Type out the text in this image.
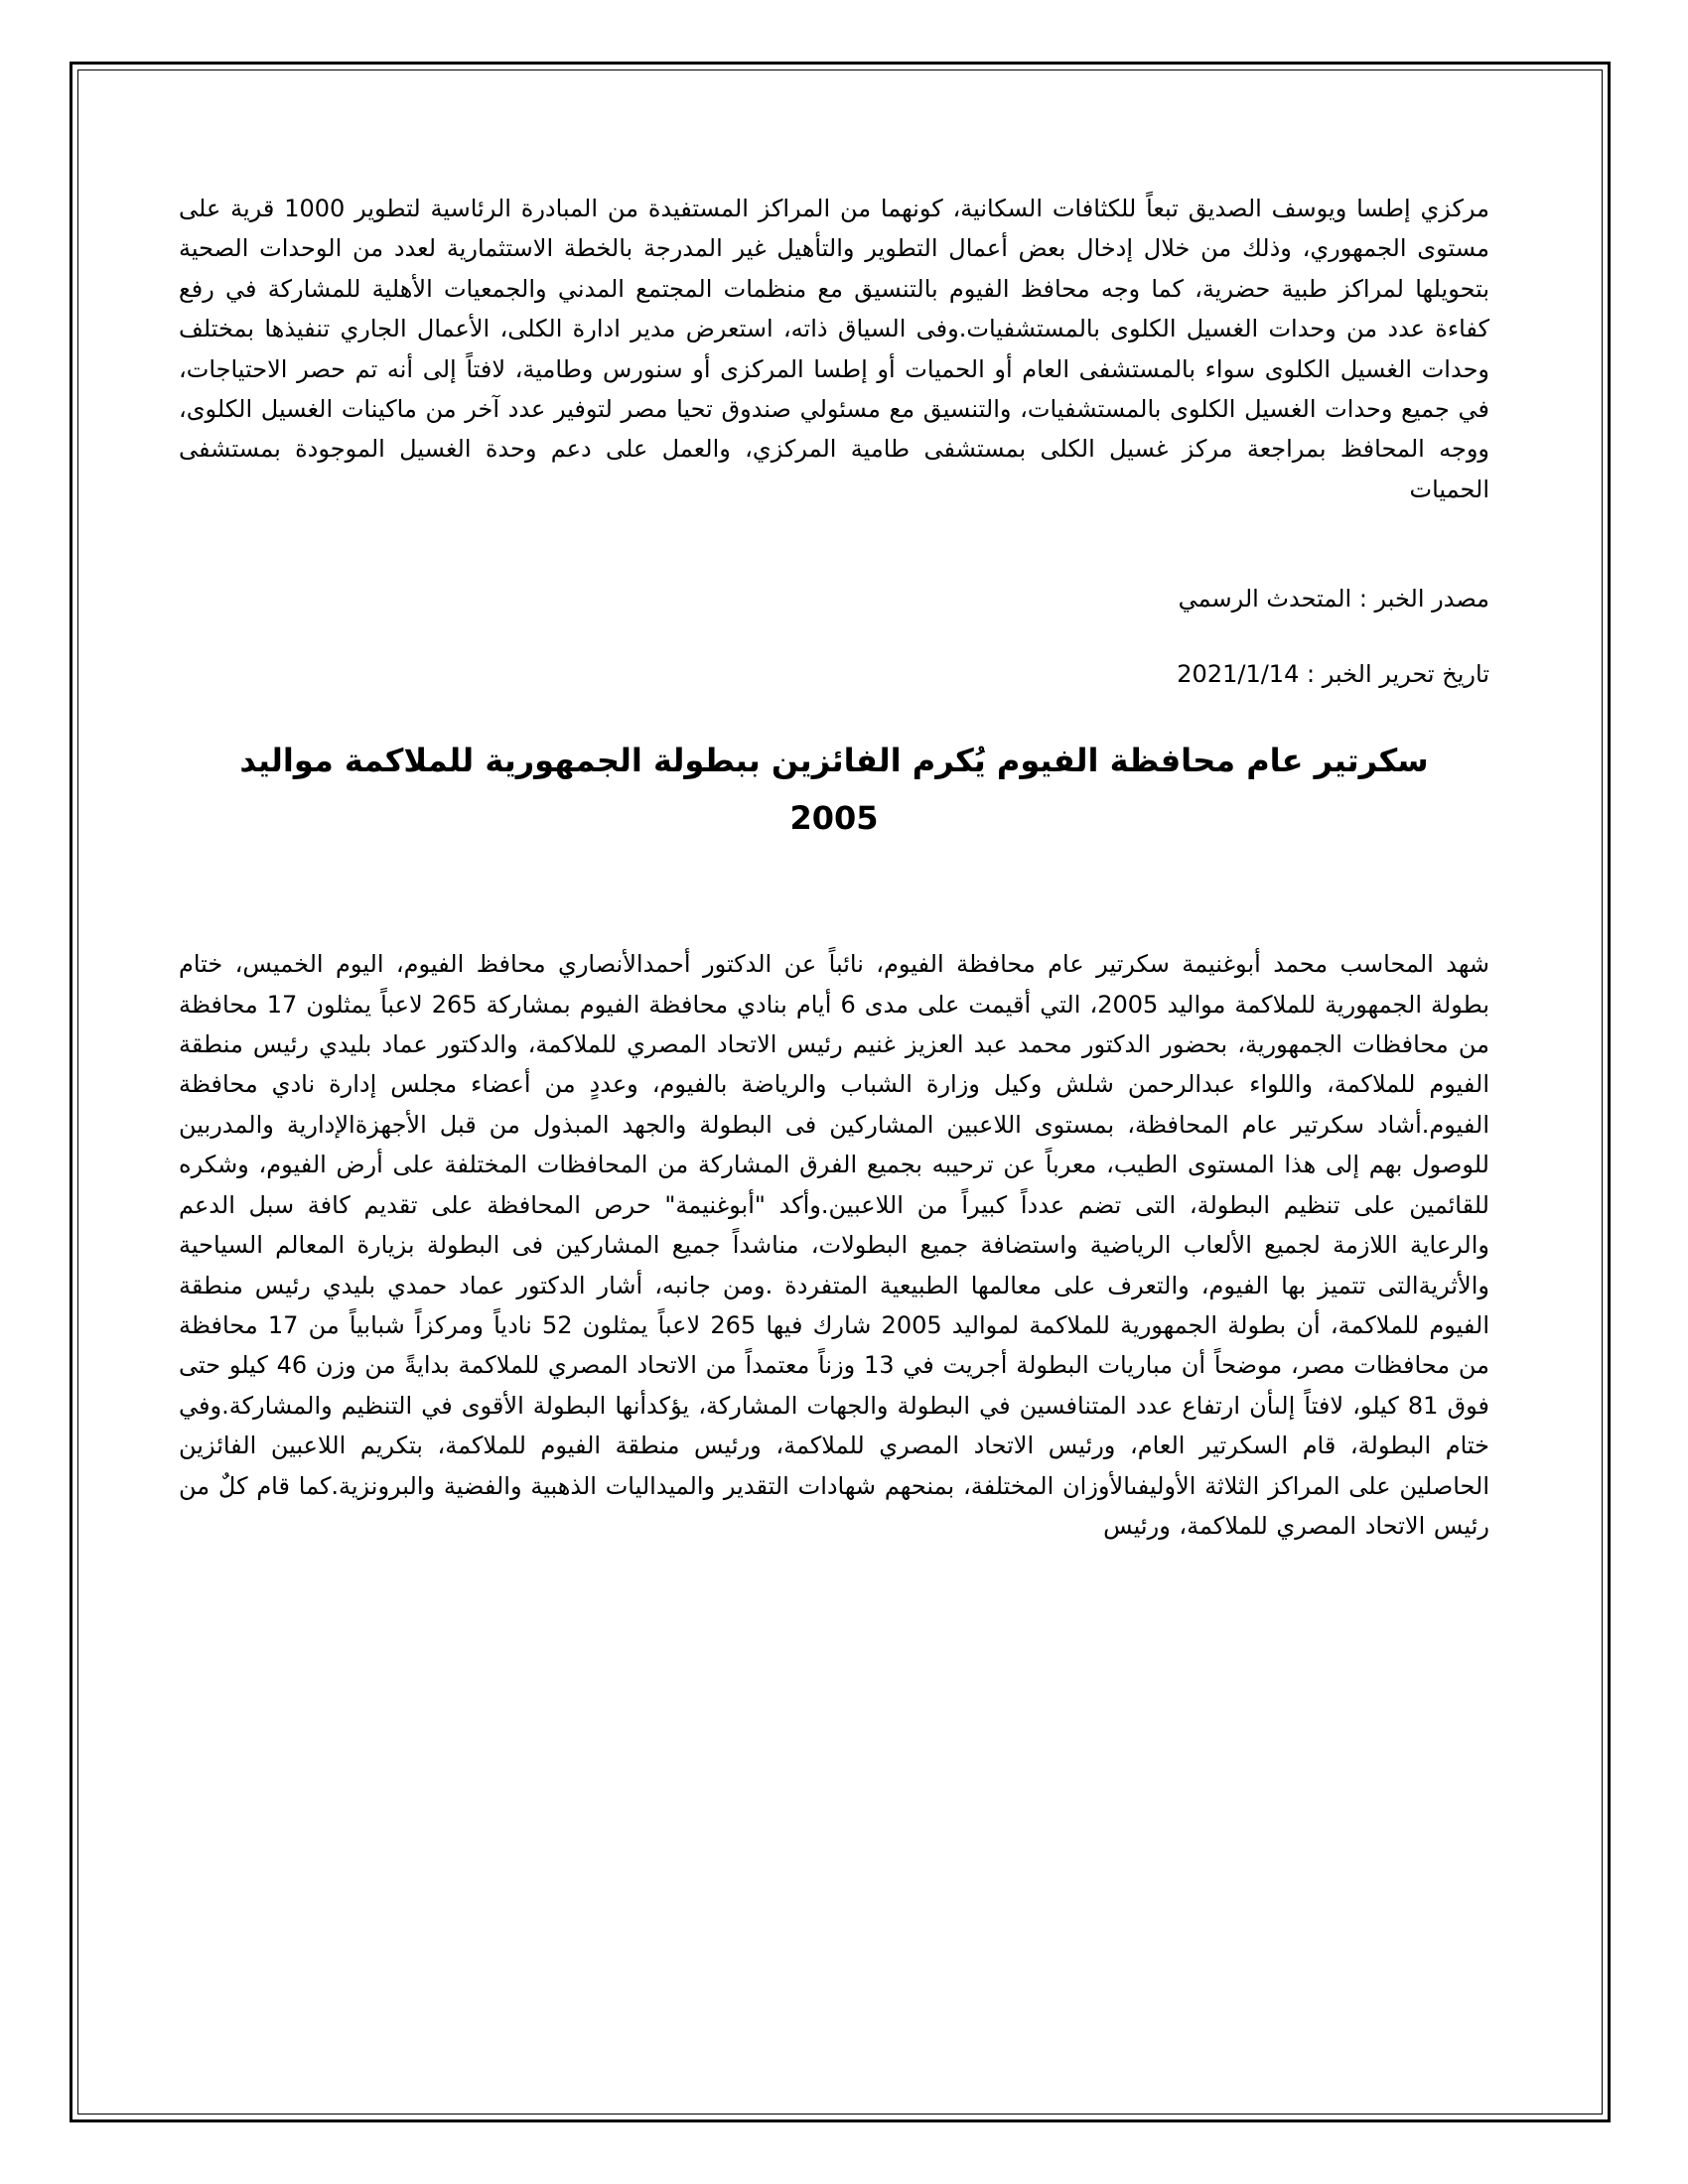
مركزي إطسا ويوسف الصديق تبعاً للكثافات السكانية، كونهما من المراكز المستفيدة من المبادرة الرئاسية لتطوير 1000 قرية على مستوى الجمهوري، وذلك من خلال إدخال بعض أعمال التطوير والتأهيل غير المدرجة بالخطة الاستثمارية لعدد من الوحدات الصحية بتحويلها لمراكز طبية حضرية، كما وجه محافظ الفيوم بالتنسيق مع منظمات المجتمع المدني والجمعيات الأهلية للمشاركة في رفع كفاءة عدد من وحدات الغسيل الكلوى بالمستشفيات.وفى السياق ذاته، استعرض مدير ادارة الكلى، الأعمال الجاري تنفيذها بمختلف وحدات الغسيل الكلوى سواء بالمستشفى العام أو الحميات أو إطسا المركزى أو سنورس وطامية، لافتاً إلى أنه تم حصر الاحتياجات، في جميع وحدات الغسيل الكلوى بالمستشفيات، والتنسيق مع مسئولي صندوق تحيا مصر لتوفير عدد آخر من ماكينات الغسيل الكلوى، ووجه المحافظ بمراجعة مركز غسيل الكلى بمستشفى طامية المركزي، والعمل على دعم وحدة الغسيل الموجودة بمستشفى الحميات

مصدر الخبر : المتحدث الرسمي

تاريخ تحرير الخبر : 2021/1/14

سكرتير عام محافظة الفيوم يُكرم الفائزين ببطولة الجمهورية للملاكمة مواليد
2005

شهد المحاسب محمد أبوغنيمة سكرتير عام محافظة الفيوم، نائباً عن الدكتور أحمدالأنصاري محافظ الفيوم، اليوم الخميس، ختام بطولة الجمهورية للملاكمة مواليد 2005، التي أقيمت على مدى 6 أيام بنادي محافظة الفيوم بمشاركة 265 لاعباً يمثلون 17 محافظة من محافظات الجمهورية، بحضور الدكتور محمد عبد العزيز غنيم رئيس الاتحاد المصري للملاكمة، والدكتور عماد بليدي رئيس منطقة الفيوم للملاكمة، واللواء عبدالرحمن شلش وكيل وزارة الشباب والرياضة بالفيوم، وعددٍ من أعضاء مجلس إدارة نادي محافظة الفيوم.أشاد سكرتير عام المحافظة، بمستوى اللاعبين المشاركين فى البطولة والجهد المبذول من قبل الأجهزةالإدارية والمدربين للوصول بهم إلى هذا المستوى الطيب، معرباً عن ترحيبه بجميع الفرق المشاركة من المحافظات المختلفة على أرض الفيوم، وشكره للقائمين على تنظيم البطولة، التى تضم عدداً كبيراً من اللاعبين.وأكد "أبوغنيمة" حرص المحافظة على تقديم كافة سبل الدعم والرعاية اللازمة لجميع الألعاب الرياضية واستضافة جميع البطولات، مناشداً جميع المشاركين فى البطولة بزيارة المعالم السياحية والأثريةالتى تتميز بها الفيوم، والتعرف على معالمها الطبيعية المتفردة .ومن جانبه، أشار الدكتور عماد حمدي بليدي رئيس منطقة الفيوم للملاكمة، أن بطولة الجمهورية للملاكمة لمواليد 2005 شارك فيها 265 لاعباً يمثلون 52 نادياً ومركزاً شبابياً من 17 محافظة من محافظات مصر، موضحاً أن مباريات البطولة أجريت في 13 وزناً معتمداً من الاتحاد المصري للملاكمة بدايةً من وزن 46 كيلو حتى فوق 81 كيلو، لافتاً إلىأن ارتفاع عدد المتنافسين في البطولة والجهات المشاركة، يؤكدأنها البطولة الأقوى في التنظيم والمشاركة.وفي ختام البطولة، قام السكرتير العام، ورئيس الاتحاد المصري للملاكمة، ورئيس منطقة الفيوم للملاكمة، بتكريم اللاعبين الفائزين الحاصلين على المراكز الثلاثة الأوليفىالأوزان المختلفة، بمنحهم شهادات التقدير والميداليات الذهبية والفضية والبرونزية.كما قام كلٌ من رئيس الاتحاد المصري للملاكمة، ورئيس
